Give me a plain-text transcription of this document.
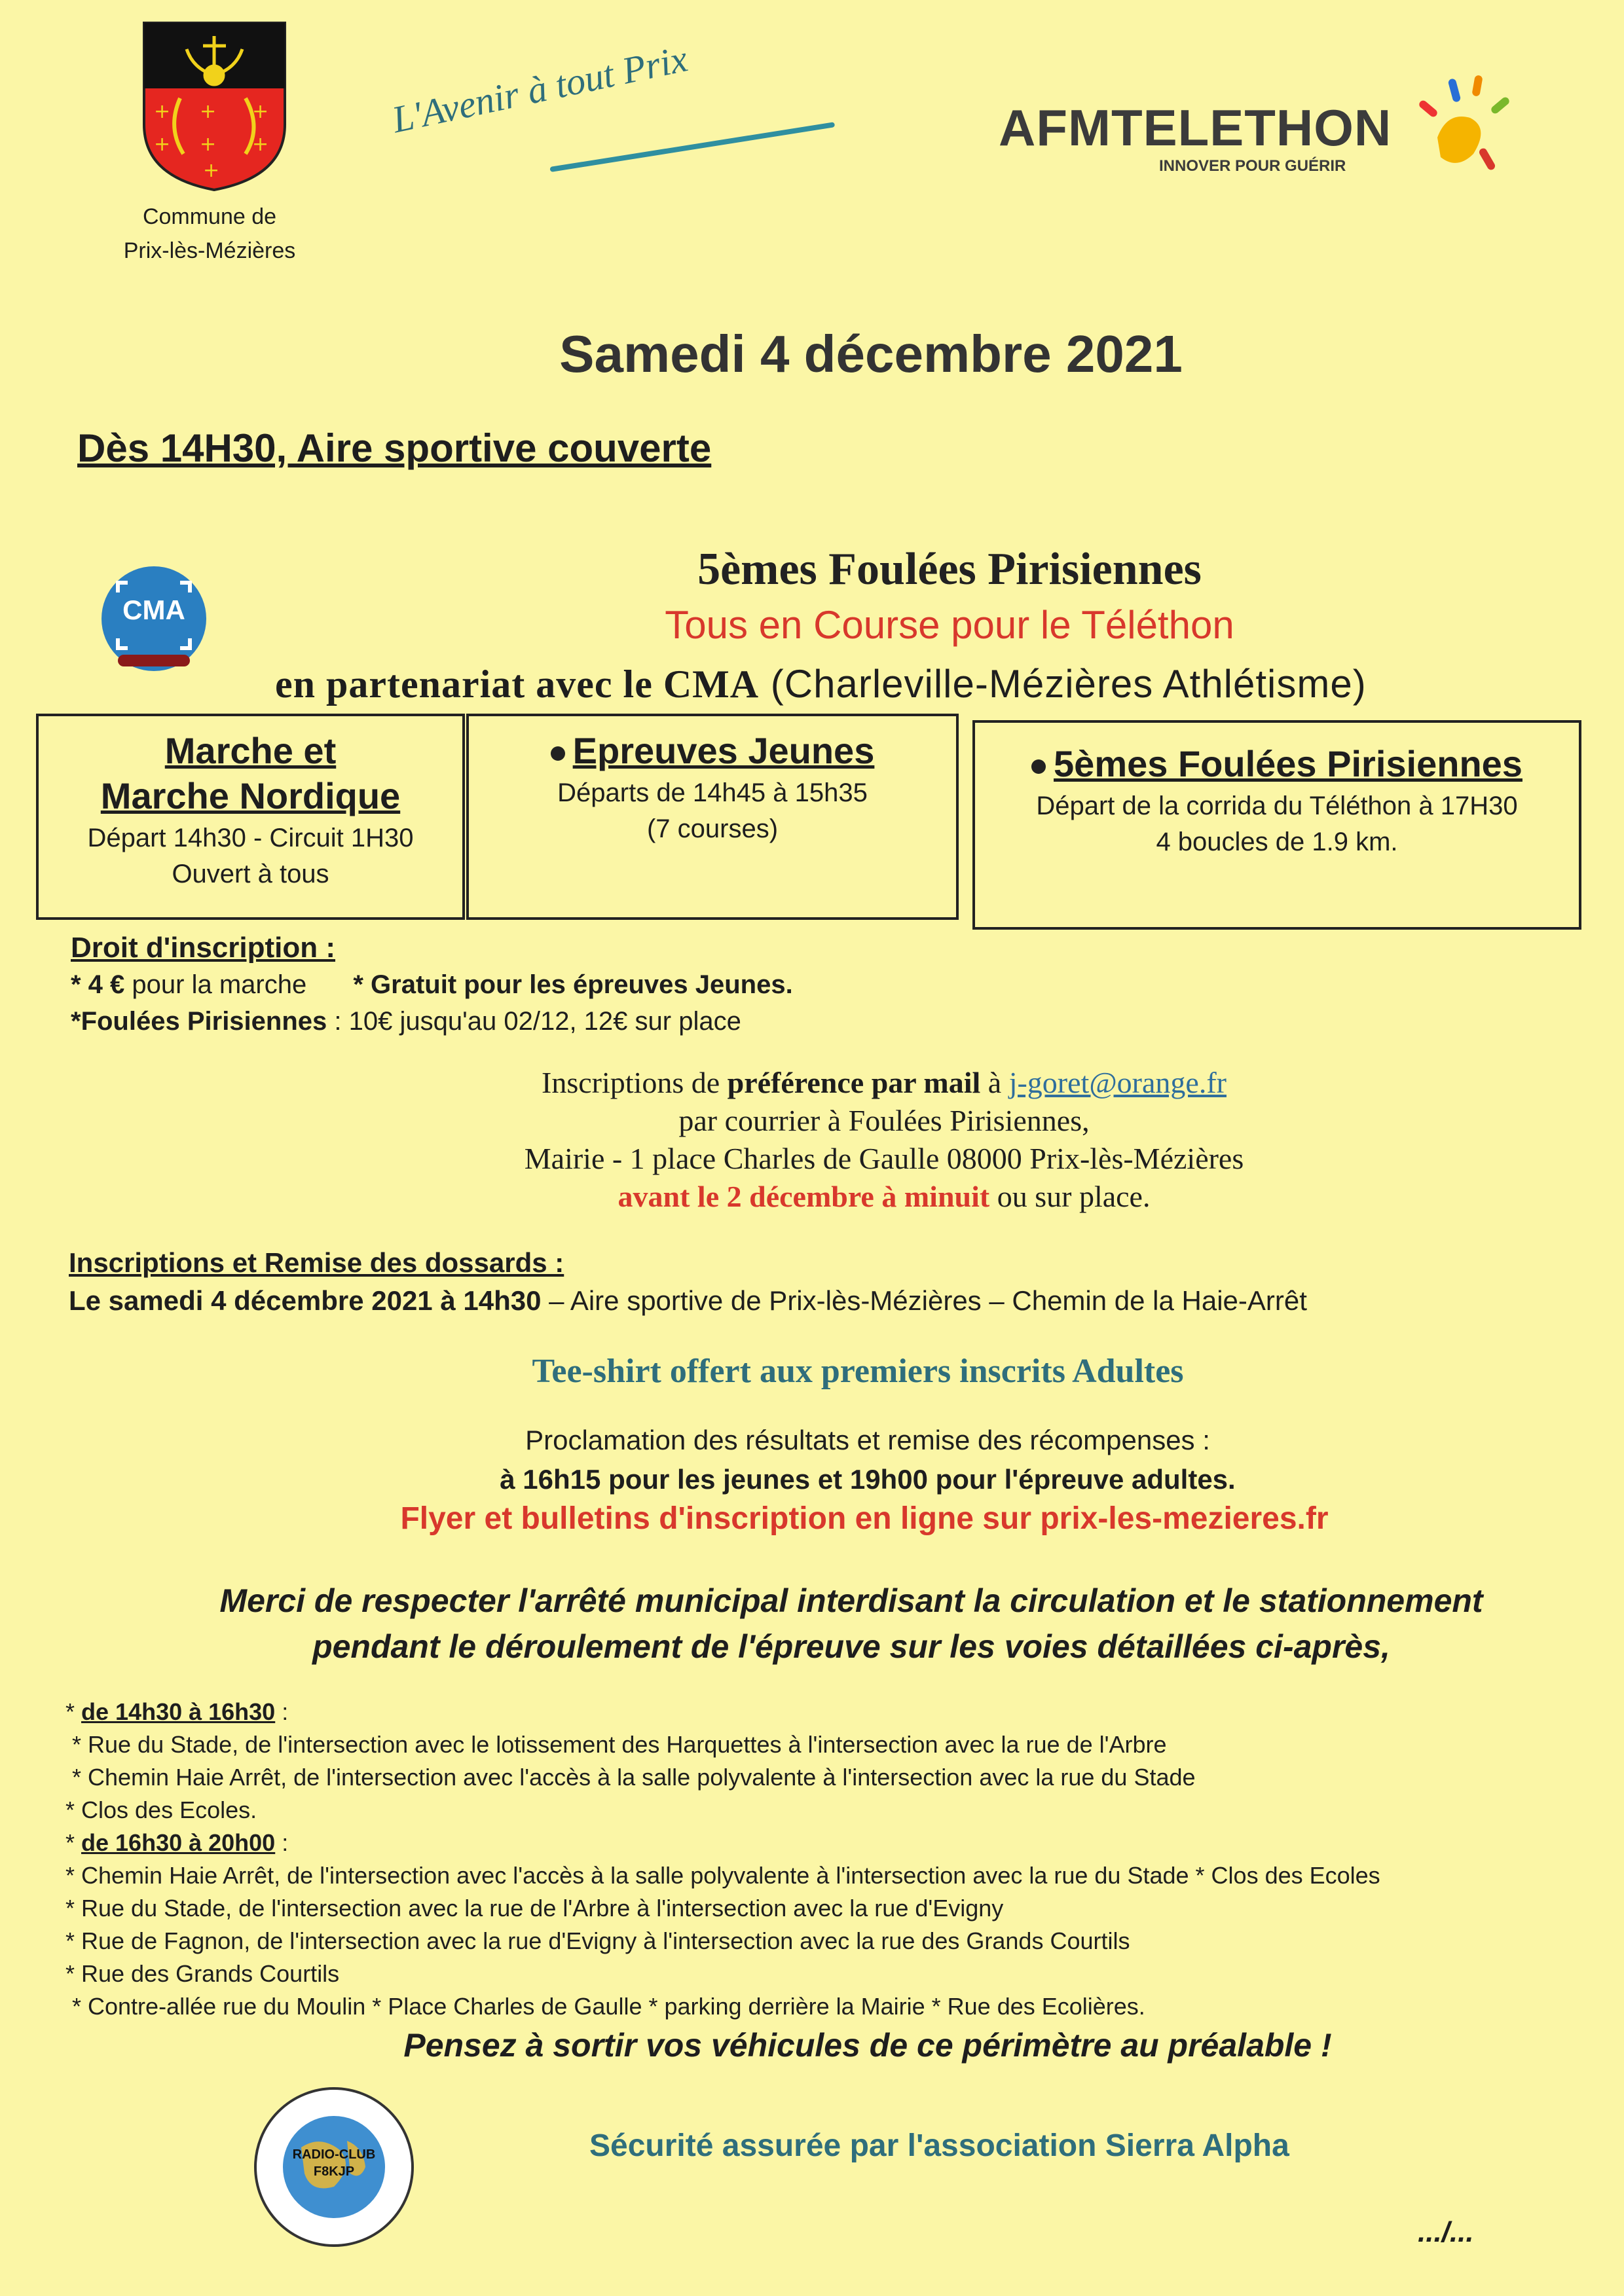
+ + +
+ + +
+
Commune de
Prix-lès-Mézières
L'Avenir à tout Prix	AFMTELETHON
INNOVER POUR GUÉRIR
Samedi 4 décembre 2021
Dès 14H30, Aire sportive couverte
CMA
5èmes Foulées Pirisiennes
Tous en Course pour le Téléthon
en partenariat avec le CMA (Charleville-Mézières Athlétisme)
Marche et
Marche Nordique
Départ 14h30 - Circuit 1H30
Ouvert à tous
Epreuves Jeunes
Départs de 14h45 à 15h35
(7 courses)
5èmes Foulées Pirisiennes
Départ de la corrida du Téléthon à 17H30
4 boucles de 1.9 km.
Droit d'inscription :
* 4 € pour la marche * Gratuit pour les épreuves Jeunes.
*Foulées Pirisiennes : 10€ jusqu'au 02/12, 12€ sur place
Inscriptions de préférence par mail à j-goret@orange.fr
par courrier à Foulées Pirisiennes,
Mairie - 1 place Charles de Gaulle 08000 Prix-lès-Mézières
avant le 2 décembre à minuit ou sur place.
Inscriptions et Remise des dossards :
Le samedi 4 décembre 2021 à 14h30 – Aire sportive de Prix-lès-Mézières – Chemin de la Haie-Arrêt
Tee-shirt offert aux premiers inscrits Adultes
Proclamation des résultats et remise des récompenses :
à 16h15 pour les jeunes et 19h00 pour l'épreuve adultes.
Flyer et bulletins d'inscription en ligne sur prix-les-mezieres.fr
Merci de respecter l'arrêté municipal interdisant la circulation et le stationnement
pendant le déroulement de l'épreuve sur les voies détaillées ci-après,
* de 14h30 à 16h30 :
* Rue du Stade, de l'intersection avec le lotissement des Harquettes à l'intersection avec la rue de l'Arbre
* Chemin Haie Arrêt, de l'intersection avec l'accès à la salle polyvalente à l'intersection avec la rue du Stade
* Clos des Ecoles.
* de 16h30 à 20h00 :
* Chemin Haie Arrêt, de l'intersection avec l'accès à la salle polyvalente à l'intersection avec la rue du Stade * Clos des Ecoles
* Rue du Stade, de l'intersection avec la rue de l'Arbre à l'intersection avec la rue d'Evigny
* Rue de Fagnon, de l'intersection avec la rue d'Evigny à l'intersection avec la rue des Grands Courtils
* Rue des Grands Courtils
* Contre-allée rue du Moulin * Place Charles de Gaulle * parking derrière la Mairie * Rue des Ecolières.
Pensez à sortir vos véhicules de ce périmètre au préalable !
RADIO-CLUB
F8KJP
Sécurité assurée par l'association Sierra Alpha
.../...
